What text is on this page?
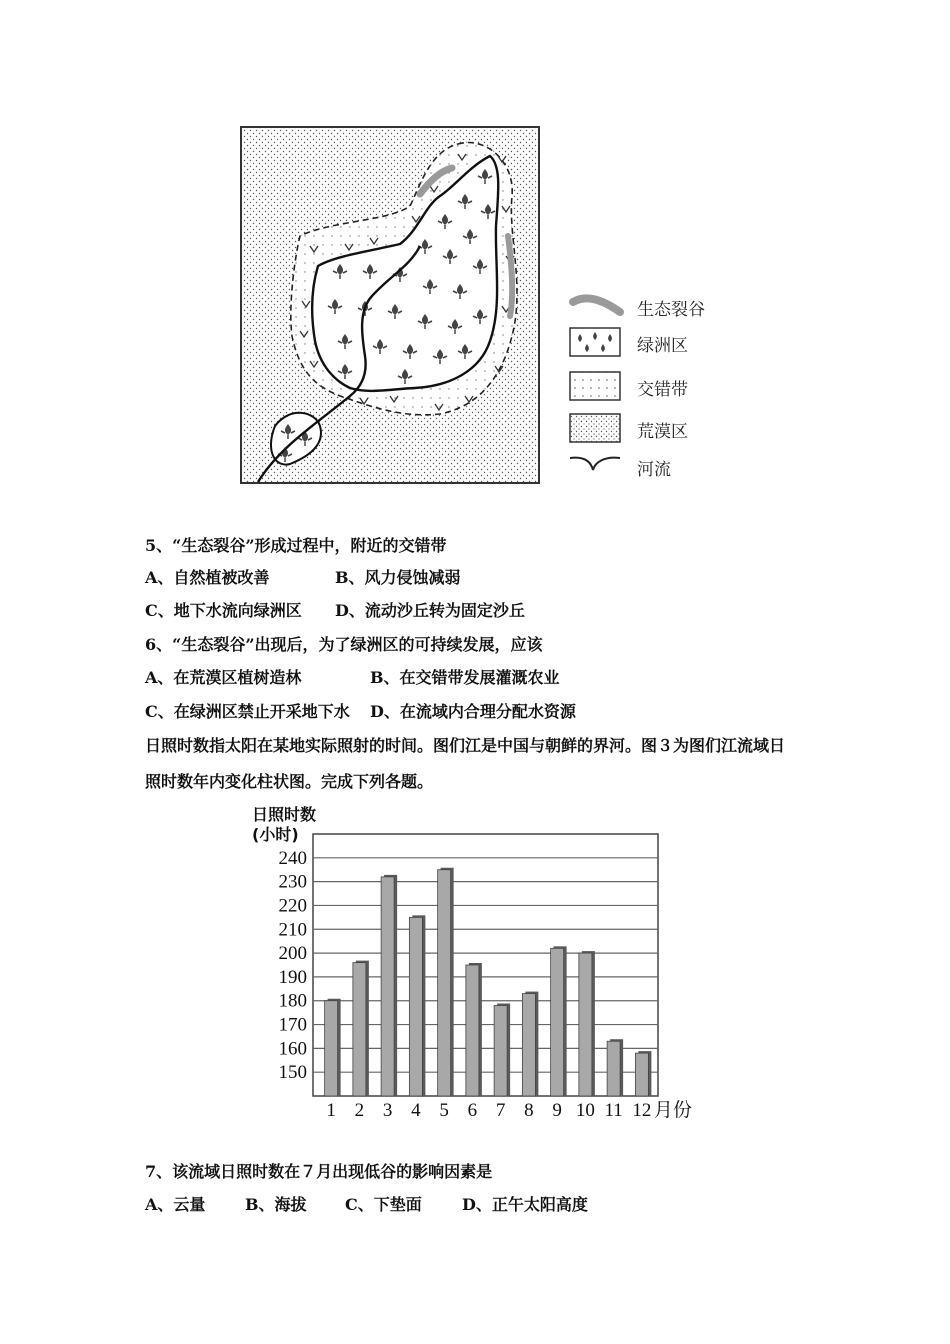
生态裂谷
绿洲区
交错带
荒漠区
河流
5、“生态裂谷”形成过程中，附近的交错带
A、自然植被改善	B、风力侵蚀减弱
C、地下水流向绿洲区 D、流动沙丘转为固定沙丘
6、“生态裂谷”出现后，为了绿洲区的可持续发展，应该
A、在荒漠区植树造林	B、在交错带发展灌溉农业
C、在绿洲区禁止开采地下水 D、在流域内合理分配水资源
日照时数指太阳在某地实际照射的时间。图们江是中国与朝鲜的界河。图３为图们江流域日
照时数年内变化柱状图。完成下列各题。
日照时数
(小时)
150
160
170
180
190
200
210
220
230
240
1 2 3 4 5 6 7 8 9 10 11 12 月份
7、该流域日照时数在７月出现低谷的影响因素是
A、云量 B、海拔 C、下垫面	D、正午太阳高度
